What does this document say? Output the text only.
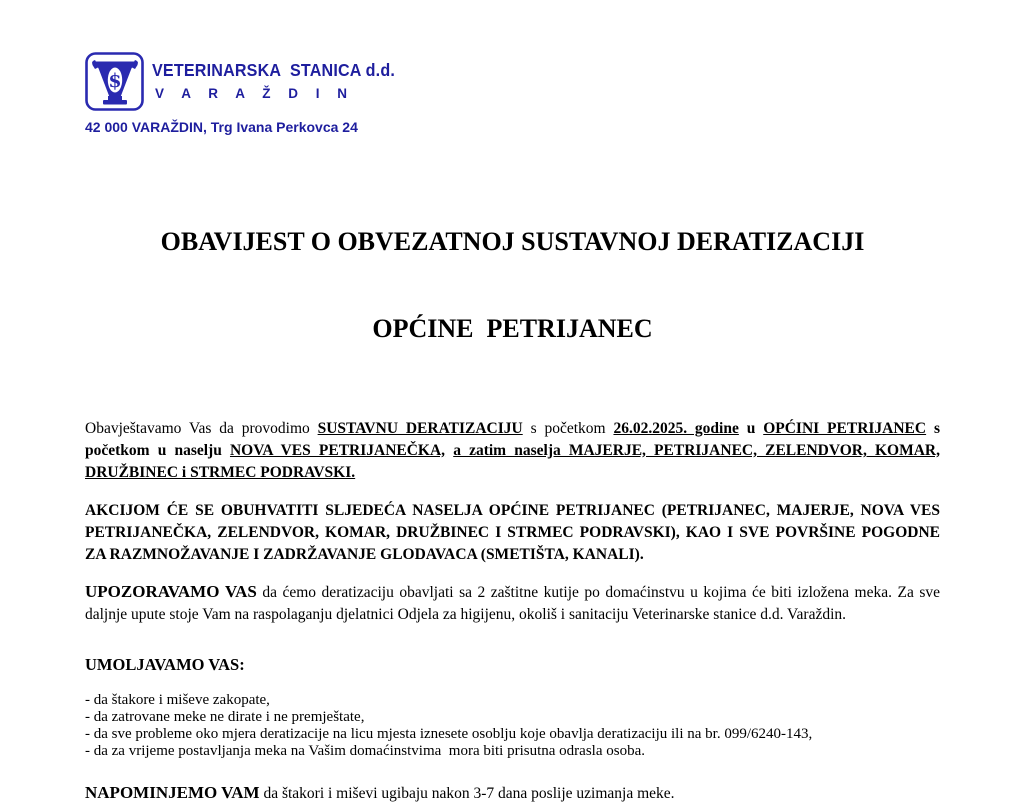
$ VETERINARSKA  STANICA d.d.
V A R A Ž D I N
42 000 VARAŽDIN, Trg Ivana Perkovca 24

OBAVIJEST O OBVEZATNOJ SUSTAVNOJ DERATIZACIJI

OPĆINE  PETRIJANEC

Obavještavamo Vas da provodimo SUSTAVNU DERATIZACIJU s početkom 26.02.2025. godine u OPĆINI PETRIJANEC s početkom u naselju NOVA VES PETRIJANEČKA, a zatim naselja MAJERJE, PETRIJANEC, ZELENDVOR, KOMAR, DRUŽBINEC i STRMEC PODRAVSKI.

AKCIJOM ĆE SE OBUHVATITI SLJEDEĆA NASELJA OPĆINE PETRIJANEC (PETRIJANEC, MAJERJE, NOVA VES PETRIJANEČKA, ZELENDVOR, KOMAR, DRUŽBINEC I STRMEC PODRAVSKI), KAO I SVE POVRŠINE POGODNE ZA RAZMNOŽAVANJE I ZADRŽAVANJE GLODAVACA (SMETIŠTA, KANALI).

UPOZORAVAMO VAS da ćemo deratizaciju obavljati sa 2 zaštitne kutije po domaćinstvu u kojima će biti izložena meka. Za sve daljnje upute stoje Vam na raspolaganju djelatnici Odjela za higijenu, okoliš i sanitaciju Veterinarske stanice d.d. Varaždin.

UMOLJAVAMO VAS:
- da štakore i miševe zakopate,
- da zatrovane meke ne dirate i ne premještate,
- da sve probleme oko mjera deratizacije na licu mjesta iznesete osoblju koje obavlja deratizaciju ili na br. 099/6240-143,
- da za vrijeme postavljanja meka na Vašim domaćinstvima  mora biti prisutna odrasla osoba.

NAPOMINJEMO VAM da štakori i miševi ugibaju nakon 3-7 dana poslije uzimanja meke.
